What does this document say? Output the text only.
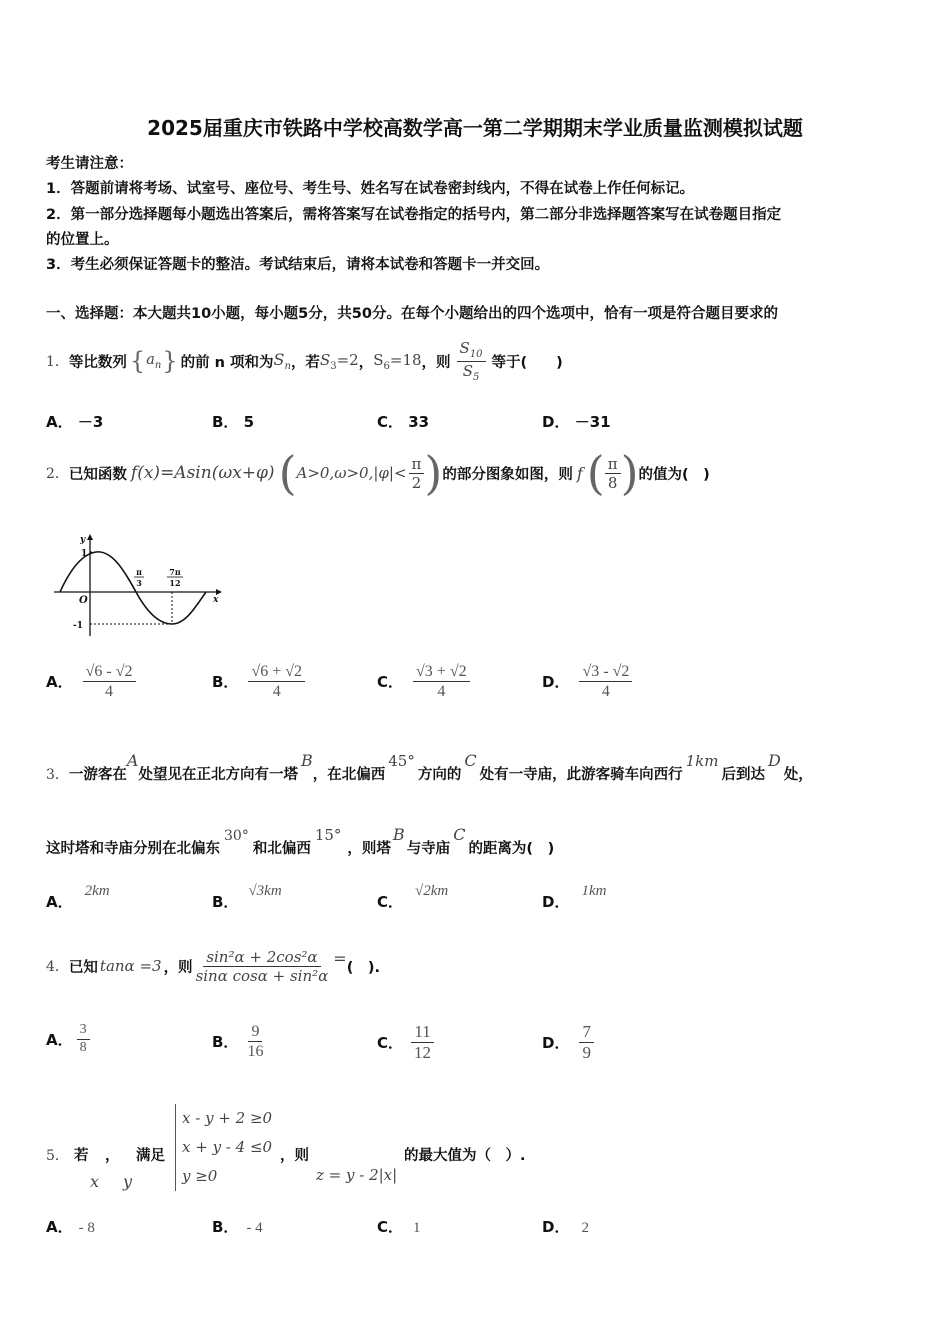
2025届重庆市铁路中学校高数学高一第二学期期末学业质量监测模拟试题
考生请注意：
1．答题前请将考场、试室号、座位号、考生号、姓名写在试卷密封线内，不得在试卷上作任何标记。
2．第一部分选择题每小题选出答案后，需将答案写在试卷指定的括号内，第二部分非选择题答案写在试卷题目指定
的位置上。
3．考生必须保证答题卡的整洁。考试结束后，请将本试卷和答题卡一并交回。
一、选择题：本大题共10小题，每小题5分，共50分。在每个小题给出的四个选项中，恰有一项是符合题目要求的
1． 等比数列 { $a_n$ } 的前 n 项和为 $S_n$ ，若 $S_3=2$ ， $S_6=18$ ，则 $\frac{S_{10}}{S_5}$ 等于(　　)
A． －3	B． 5	C． 33	D． －31
2． 已知函数 f(x)=Asin(ωx+φ) ( $A>0,\omega>0,|\varphi|< \frac{\pi}{2}$ ) 的部分图象如图，则 f ( $\frac{\pi}{8}$ ) 的值为(　)
y
x
O
1
-1
π
3
7π
12
A． $\frac{√6 - √2}{4}$	B． $\frac{√6 + √2}{4}$	C． $\frac{√3 + √2}{4}$	D． $\frac{√3 - √2}{4}$
3． 一游客在
A
处望见在正北方向有一塔
B
，在北偏西
45°
方向的
C
处有一寺庙，此游客骑车向西行
1km
后到达
D
处，
这时塔和寺庙分别在北偏东
30°
和北偏西
15°
，则塔
B
与寺庙
C
的距离为(　)
A．
2km
B．
√3km
C．
√2km
D．
1km
4． 已知 tanα =3 ，则 $\frac{\text{sin²α + 2cos²α}}{\text{sinα cosα + sin²α}}$ = (　).
A． $\frac{3}{8}$	B． $\frac{9}{16}$	C． $\frac{11}{12}$	D． $\frac{7}{9}$
5． 若
x
，
y
满足
x - y + 2 ≥0
x + y - 4 ≤0
y ≥0
，则
z = y - 2|x|
的最大值为（　）.
A． - 8	B． - 4	C． 1	D． 2
